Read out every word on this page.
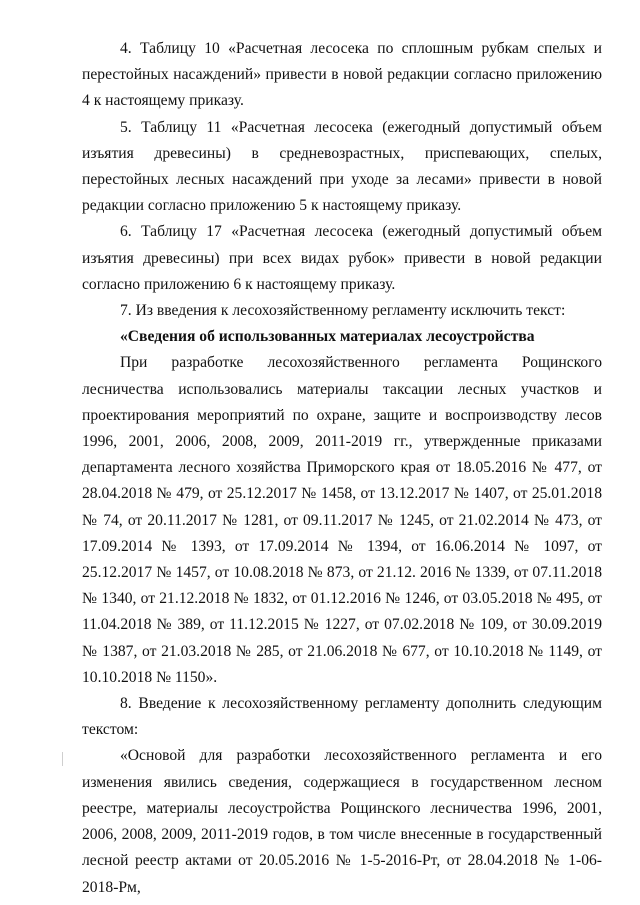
4. Таблицу 10 «Расчетная лесосека по сплошным рубкам спелых и перестойных насаждений» привести в новой редакции согласно приложению 4 к настоящему приказу.

5. Таблицу 11 «Расчетная лесосека (ежегодный допустимый объем изъятия древесины) в средневозрастных, приспевающих, спелых, перестойных лесных насаждений при уходе за лесами» привести в новой редакции согласно приложению 5 к настоящему приказу.

6. Таблицу 17 «Расчетная лесосека (ежегодный допустимый объем изъятия древесины) при всех видах рубок» привести в новой редакции согласно приложению 6 к настоящему приказу.

7. Из введения к лесохозяйственному регламенту исключить текст:

«Сведения об использованных материалах лесоустройства

При разработке лесохозяйственного регламента Рощинского лесничества использовались материалы таксации лесных участков и проектирования мероприятий по охране, защите и воспроизводству лесов 1996, 2001, 2006, 2008, 2009, 2011-2019 гг., утвержденные приказами департамента лесного хозяйства Приморского края от 18.05.2016 № 477, от 28.04.2018 № 479, от 25.12.2017 № 1458, от 13.12.2017 № 1407, от 25.01.2018 № 74, от 20.11.2017 № 1281, от 09.11.2017 № 1245, от 21.02.2014 № 473, от 17.09.2014 № 1393, от 17.09.2014 № 1394, от 16.06.2014 № 1097, от 25.12.2017 № 1457, от 10.08.2018 № 873, от 21.12. 2016 № 1339, от 07.11.2018 № 1340, от 21.12.2018 № 1832, от 01.12.2016 № 1246, от 03.05.2018 № 495, от 11.04.2018 № 389, от 11.12.2015 № 1227, от 07.02.2018 № 109, от 30.09.2019 № 1387, от 21.03.2018 № 285, от 21.06.2018 № 677, от 10.10.2018 № 1149, от 10.10.2018 № 1150».

8. Введение к лесохозяйственному регламенту дополнить следующим текстом:

«Основой для разработки лесохозяйственного регламента и его изменения явились сведения, содержащиеся в государственном лесном реестре, материалы лесоустройства Рощинского лесничества 1996, 2001, 2006, 2008, 2009, 2011-2019 годов, в том числе внесенные в государственный лесной реестр актами от 20.05.2016 № 1-5-2016-Рт, от 28.04.2018 № 1-06-2018-Рм,
